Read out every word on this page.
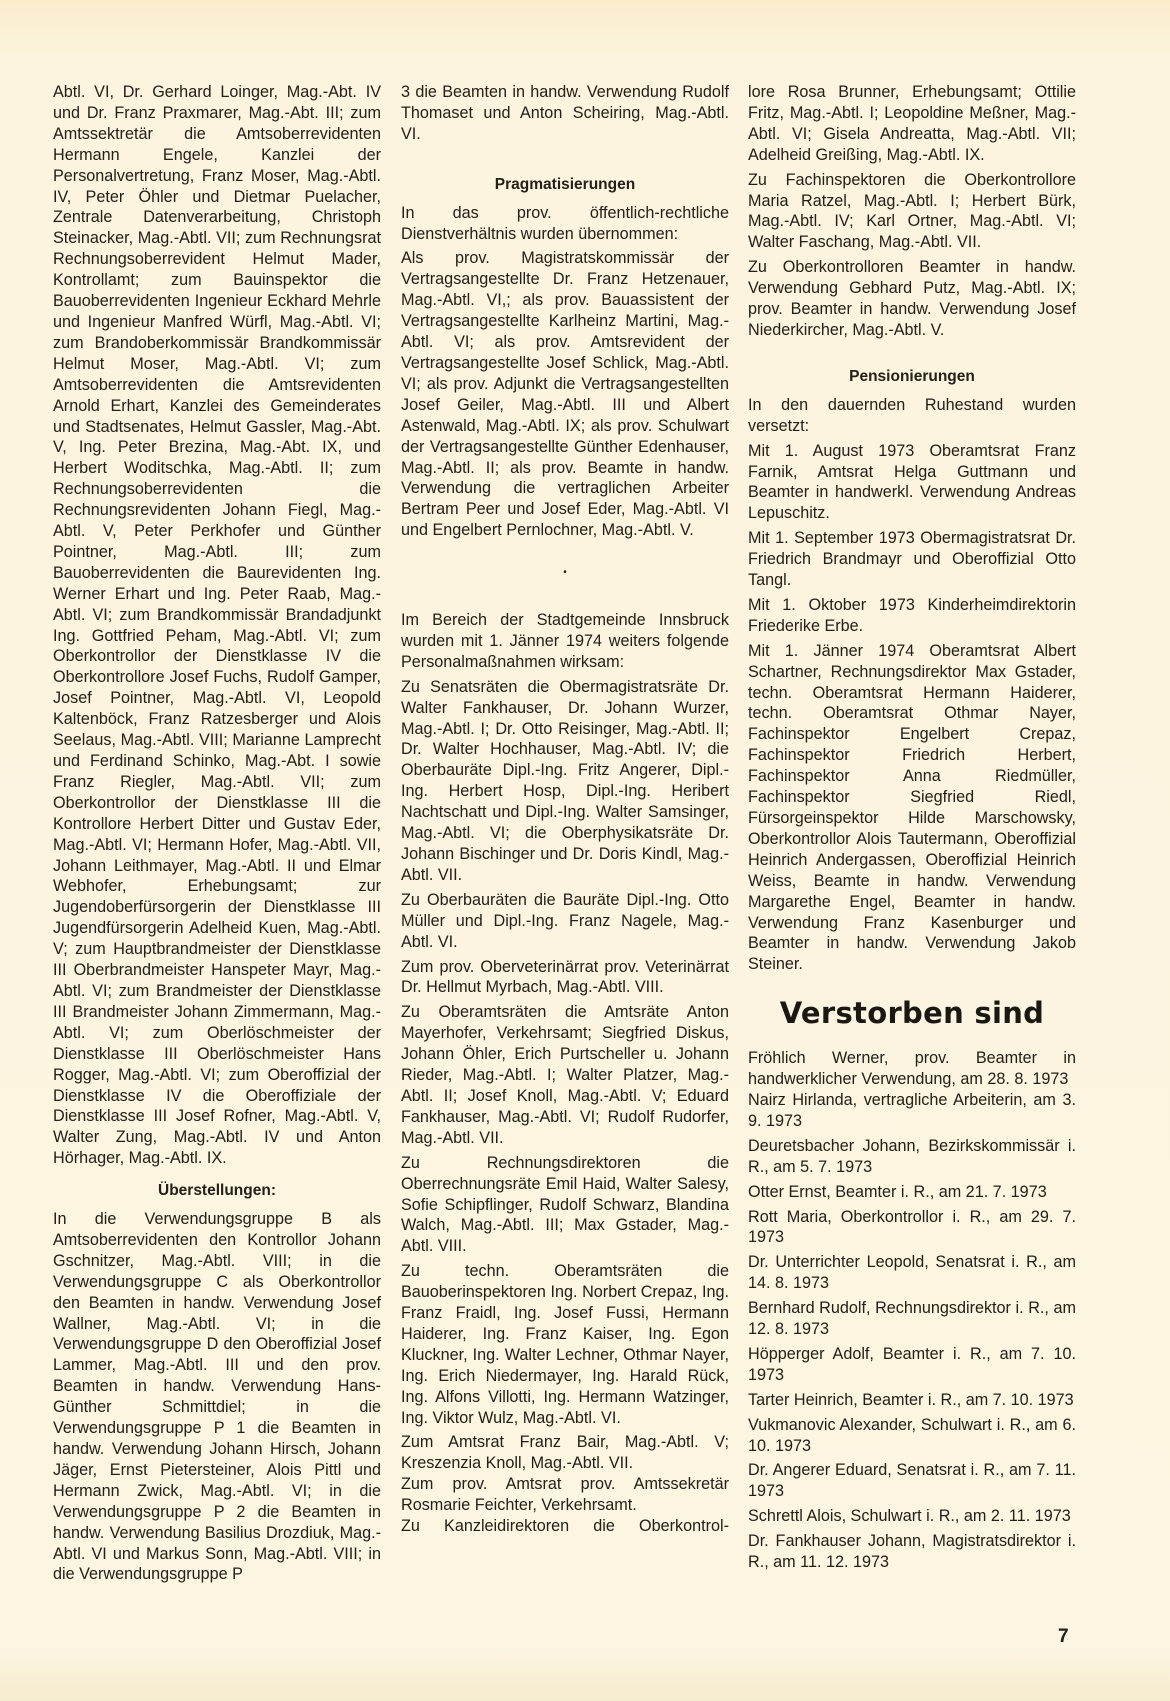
Abtl. VI, Dr. Gerhard Loinger, Mag.-Abt. IV und Dr. Franz Praxmarer, Mag.-Abt. III; zum Amtssektretär die Amtsoberrevidenten Hermann Engele, Kanzlei der Personalvertretung, Franz Moser, Mag.-Abtl. IV, Peter Öhler und Dietmar Puelacher, Zentrale Datenverarbeitung, Christoph Steinacker, Mag.-Abtl. VII; zum Rechnungsrat Rechnungsoberrevident Helmut Mader, Kontrollamt; zum Bauinspektor die Bauoberrevidenten Ingenieur Eckhard Mehrle und Ingenieur Manfred Würfl, Mag.-Abtl. VI; zum Brandoberkommissär Brandkommissär Helmut Moser, Mag.-Abtl. VI; zum Amtsoberrevidenten die Amtsrevidenten Arnold Erhart, Kanzlei des Gemeinderates und Stadtsenates, Helmut Gassler, Mag.-Abt. V, Ing. Peter Brezina, Mag.-Abt. IX, und Herbert Woditschka, Mag.-Abtl. II; zum Rechnungsoberrevidenten die Rechnungsrevidenten Johann Fiegl, Mag.-Abtl. V, Peter Perkhofer und Günther Pointner, Mag.-Abtl. III; zum Bauoberrevidenten die Baurevidenten Ing. Werner Erhart und Ing. Peter Raab, Mag.-Abtl. VI; zum Brandkommissär Brandadjunkt Ing. Gottfried Peham, Mag.-Abtl. VI; zum Oberkontrollor der Dienstklasse IV die Oberkontrollore Josef Fuchs, Rudolf Gamper, Josef Pointner, Mag.-Abtl. VI, Leopold Kaltenböck, Franz Ratzesberger und Alois Seelaus, Mag.-Abtl. VIII; Marianne Lamprecht und Ferdinand Schinko, Mag.-Abt. I sowie Franz Riegler, Mag.-Abtl. VII; zum Oberkontrollor der Dienstklasse III die Kontrollore Herbert Ditter und Gustav Eder, Mag.-Abtl. VI; Hermann Hofer, Mag.-Abtl. VII, Johann Leithmayer, Mag.-Abtl. II und Elmar Webhofer, Erhebungsamt; zur Jugendoberfürsorgerin der Dienstklasse III Jugendfürsorgerin Adelheid Kuen, Mag.-Abtl. V; zum Hauptbrandmeister der Dienstklasse III Oberbrandmeister Hanspeter Mayr, Mag.-Abtl. VI; zum Brandmeister der Dienstklasse III Brandmeister Johann Zimmermann, Mag.-Abtl. VI; zum Oberlöschmeister der Dienstklasse III Oberlöschmeister Hans Rogger, Mag.-Abtl. VI; zum Oberoffizial der Dienstklasse IV die Oberoffiziale der Dienstklasse III Josef Rofner, Mag.-Abtl. V, Walter Zung, Mag.-Abtl. IV und Anton Hörhager, Mag.-Abtl. IX.

Überstellungen:

In die Verwendungsgruppe B als Amtsoberrevidenten den Kontrollor Johann Gschnitzer, Mag.-Abtl. VIII; in die Verwendungsgruppe C als Oberkontrollor den Beamten in handw. Verwendung Josef Wallner, Mag.-Abtl. VI; in die Verwendungsgruppe D den Oberoffizial Josef Lammer, Mag.-Abtl. III und den prov. Beamten in handw. Verwendung Hans-Günther Schmittdiel; in die Verwendungsgruppe P 1 die Beamten in handw. Verwendung Johann Hirsch, Johann Jäger, Ernst Pietersteiner, Alois Pittl und Hermann Zwick, Mag.-Abtl. VI; in die Verwendungsgruppe P 2 die Beamten in handw. Verwendung Basilius Drozdiuk, Mag.-Abtl. VI und Markus Sonn, Mag.-Abtl. VIII; in die Verwendungsgruppe P

3 die Beamten in handw. Verwendung Rudolf Thomaset und Anton Scheiring, Mag.-Abtl. VI.

Pragmatisierungen

In das prov. öffentlich-rechtliche Dienstverhältnis wurden übernommen:

Als prov. Magistratskommissär der Vertragsangestellte Dr. Franz Hetzenauer, Mag.-Abtl. VI,; als prov. Bauassistent der Vertragsangestellte Karlheinz Martini, Mag.-Abtl. VI; als prov. Amtsrevident der Vertragsangestellte Josef Schlick, Mag.-Abtl. VI; als prov. Adjunkt die Vertragsangestellten Josef Geiler, Mag.-Abtl. III und Albert Astenwald, Mag.-Abtl. IX; als prov. Schulwart der Vertragsangestellte Günther Edenhauser, Mag.-Abtl. II; als prov. Beamte in handw. Verwendung die vertraglichen Arbeiter Bertram Peer und Josef Eder, Mag.-Abtl. VI und Engelbert Pernlochner, Mag.-Abtl. V.

•

Im Bereich der Stadtgemeinde Innsbruck wurden mit 1. Jänner 1974 weiters folgende Personalmaßnahmen wirksam:

Zu Senatsräten die Obermagistratsräte Dr. Walter Fankhauser, Dr. Johann Wurzer, Mag.-Abtl. I; Dr. Otto Reisinger, Mag.-Abtl. II; Dr. Walter Hochhauser, Mag.-Abtl. IV; die Oberbauräte Dipl.-Ing. Fritz Angerer, Dipl.-Ing. Herbert Hosp, Dipl.-Ing. Heribert Nachtschatt und Dipl.-Ing. Walter Samsinger, Mag.-Abtl. VI; die Oberphysikatsräte Dr. Johann Bischinger und Dr. Doris Kindl, Mag.-Abtl. VII.

Zu Oberbauräten die Bauräte Dipl.-Ing. Otto Müller und Dipl.-Ing. Franz Nagele, Mag.-Abtl. VI.

Zum prov. Oberveterinärrat prov. Veterinärrat Dr. Hellmut Myrbach, Mag.-Abtl. VIII.

Zu Oberamtsräten die Amtsräte Anton Mayerhofer, Verkehrsamt; Siegfried Diskus, Johann Öhler, Erich Purtscheller u. Johann Rieder, Mag.-Abtl. I; Walter Platzer, Mag.-Abtl. II; Josef Knoll, Mag.-Abtl. V; Eduard Fankhauser, Mag.-Abtl. VI; Rudolf Rudorfer, Mag.-Abtl. VII.

Zu Rechnungsdirektoren die Oberrechnungsräte Emil Haid, Walter Salesy, Sofie Schipflinger, Rudolf Schwarz, Blandina Walch, Mag.-Abtl. III; Max Gstader, Mag.-Abtl. VIII.

Zu techn. Oberamtsräten die Bauoberinspektoren Ing. Norbert Crepaz, Ing. Franz Fraidl, Ing. Josef Fussi, Hermann Haiderer, Ing. Franz Kaiser, Ing. Egon Kluckner, Ing. Walter Lechner, Othmar Nayer, Ing. Erich Niedermayer, Ing. Harald Rück, Ing. Alfons Villotti, Ing. Hermann Watzinger, Ing. Viktor Wulz, Mag.-Abtl. VI.

Zum Amtsrat Franz Bair, Mag.-Abtl. V; Kreszenzia Knoll, Mag.-Abtl. VII.

Zum prov. Amtsrat prov. Amtssekretär Rosmarie Feichter, Verkehrsamt.

Zu Kanzleidirektoren die Oberkontrol-

lore Rosa Brunner, Erhebungsamt; Ottilie Fritz, Mag.-Abtl. I; Leopoldine Meßner, Mag.-Abtl. VI; Gisela Andreatta, Mag.-Abtl. VII; Adelheid Greißing, Mag.-Abtl. IX.

Zu Fachinspektoren die Oberkontrollore Maria Ratzel, Mag.-Abtl. I; Herbert Bürk, Mag.-Abtl. IV; Karl Ortner, Mag.-Abtl. VI; Walter Faschang, Mag.-Abtl. VII.

Zu Oberkontrolloren Beamter in handw. Verwendung Gebhard Putz, Mag.-Abtl. IX; prov. Beamter in handw. Verwendung Josef Niederkircher, Mag.-Abtl. V.

Pensionierungen

In den dauernden Ruhestand wurden versetzt:

Mit 1. August 1973 Oberamtsrat Franz Farnik, Amtsrat Helga Guttmann und Beamter in handwerkl. Verwendung Andreas Lepuschitz.

Mit 1. September 1973 Obermagistratsrat Dr. Friedrich Brandmayr und Oberoffizial Otto Tangl.

Mit 1. Oktober 1973 Kinderheimdirektorin Friederike Erbe.

Mit 1. Jänner 1974 Oberamtsrat Albert Schartner, Rechnungsdirektor Max Gstader, techn. Oberamtsrat Hermann Haiderer, techn. Oberamtsrat Othmar Nayer, Fachinspektor Engelbert Crepaz, Fachinspektor Friedrich Herbert, Fachinspektor Anna Riedmüller, Fachinspektor Siegfried Riedl, Fürsorgeinspektor Hilde Marschowsky, Oberkontrollor Alois Tautermann, Oberoffizial Heinrich Andergassen, Oberoffizial Heinrich Weiss, Beamte in handw. Verwendung Margarethe Engel, Beamter in handw. Verwendung Franz Kasenburger und Beamter in handw. Verwendung Jakob Steiner.

Verstorben sind

Fröhlich Werner, prov. Beamter in handwerklicher Verwendung, am 28. 8. 1973

Nairz Hirlanda, vertragliche Arbeiterin, am 3. 9. 1973

Deuretsbacher Johann, Bezirkskommissär i. R., am 5. 7. 1973

Otter Ernst, Beamter i. R., am 21. 7. 1973

Rott Maria, Oberkontrollor i. R., am 29. 7. 1973

Dr. Unterrichter Leopold, Senatsrat i. R., am 14. 8. 1973

Bernhard Rudolf, Rechnungsdirektor i. R., am 12. 8. 1973

Höpperger Adolf, Beamter i. R., am 7. 10. 1973

Tarter Heinrich, Beamter i. R., am 7. 10. 1973

Vukmanovic Alexander, Schulwart i. R., am 6. 10. 1973

Dr. Angerer Eduard, Senatsrat i. R., am 7. 11. 1973

Schrettl Alois, Schulwart i. R., am 2. 11. 1973

Dr. Fankhauser Johann, Magistratsdirektor i. R., am 11. 12. 1973

7
